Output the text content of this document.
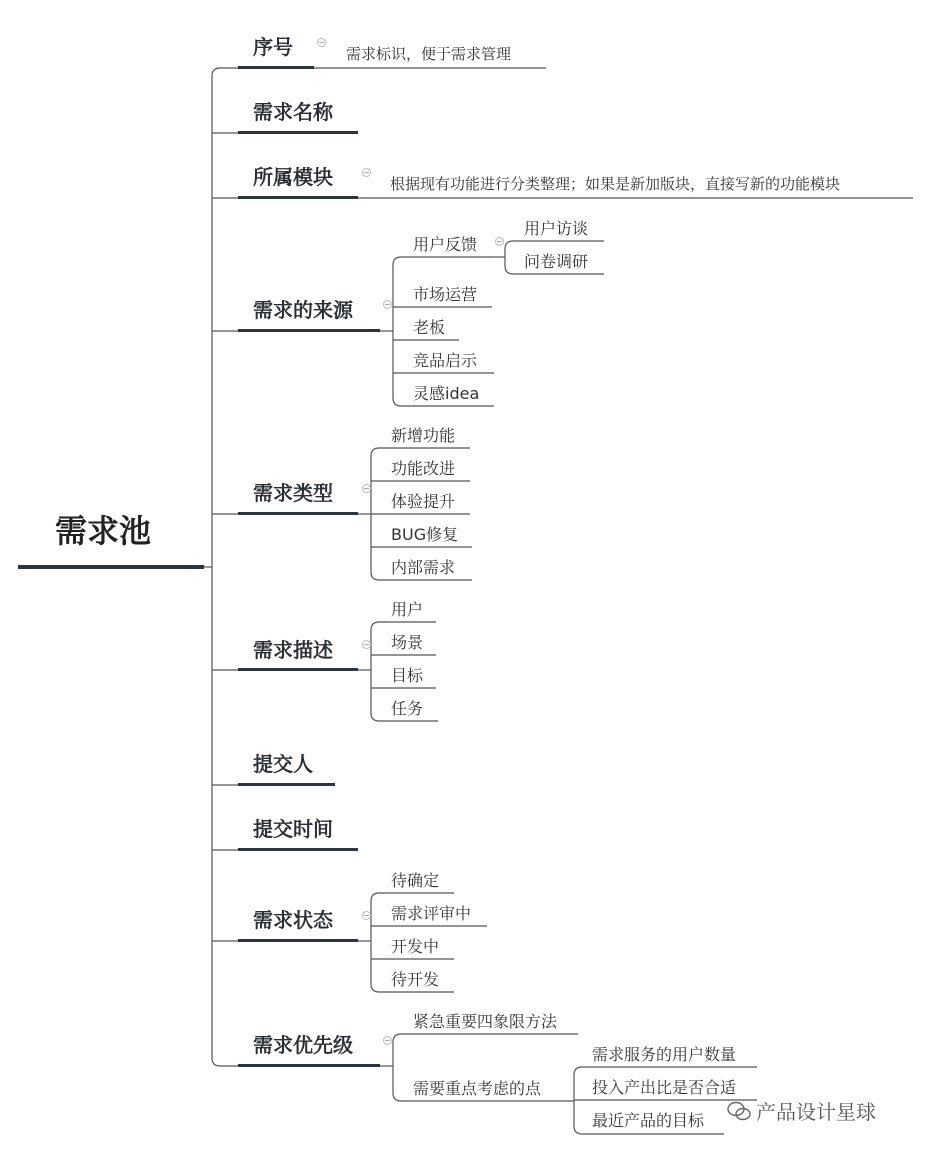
需求池
序号	需求标识，便于需求管理
需求名称
所属模块	根据现有功能进行分类整理；如果是新加版块，直接写新的功能模块
需求的来源
用户反馈
用户访谈
问卷调研
市场运营
老板
竞品启示
灵感idea
需求类型
新增功能
功能改进
体验提升
BUG修复
内部需求
需求描述
用户
场景
目标
任务
提交人
提交时间
需求状态
待确定
需求评审中
开发中
待开发
需求优先级
紧急重要四象限方法
需要重点考虑的点
需求服务的用户数量
投入产出比是否合适
最近产品的目标	产品设计星球
